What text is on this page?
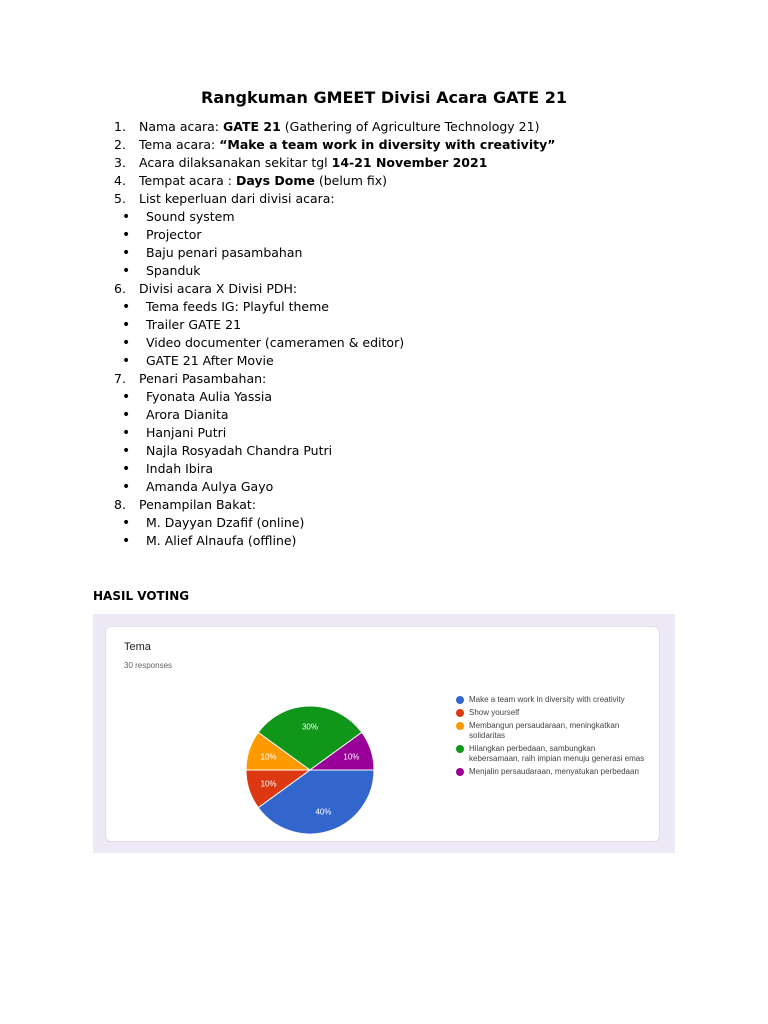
Rangkuman GMEET Divisi Acara GATE 21
1. Nama acara: GATE 21 (Gathering of Agriculture Technology 21)
2. Tema acara: “Make a team work in diversity with creativity”
3. Acara dilaksanakan sekitar tgl 14-21 November 2021
4. Tempat acara : Days Dome (belum fix)
5. List keperluan dari divisi acara:
• Sound system
• Projector
• Baju penari pasambahan
• Spanduk
6. Divisi acara X Divisi PDH:
• Tema feeds IG: Playful theme
• Trailer GATE 21
• Video documenter (cameramen & editor)
• GATE 21 After Movie
7. Penari Pasambahan:
• Fyonata Aulia Yassia
• Arora Dianita
• Hanjani Putri
• Najla Rosyadah Chandra Putri
• Indah Ibira
• Amanda Aulya Gayo
8. Penampilan Bakat:
• M. Dayyan Dzafif (online)
• M. Alief Alnaufa (offline)
HASIL VOTING
Tema
30 responses
40%
10%
10%
30%
10%
Make a team work in diversity with creativity
Show yourself
Membangun persaudaraan, meningkatkan solidaritas
Hilangkan perbedaan, sambungkan kebersamaan, raih impian menuju generasi emas
Menjalin persaudaraan, menyatukan perbedaan
